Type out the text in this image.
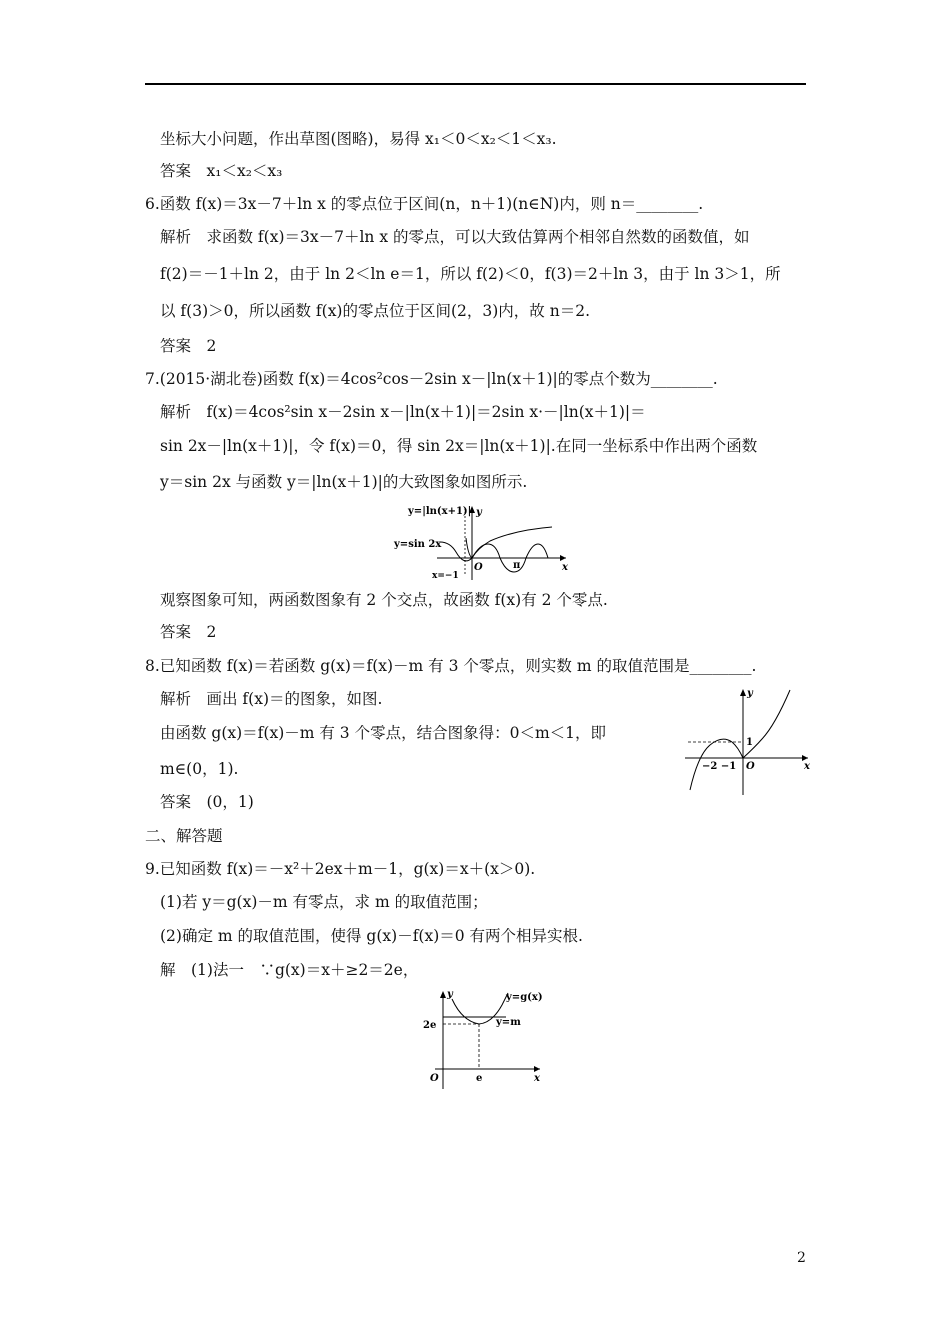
坐标大小问题，作出草图(图略)，易得 x₁＜0＜x₂＜1＜x₃.
答案　x₁＜x₂＜x₃
6.函数 f(x)＝3x－7＋ln x 的零点位于区间(n，n＋1)(n∈N)内，则 n＝________.
解析　求函数 f(x)＝3x－7＋ln x 的零点，可以大致估算两个相邻自然数的函数值，如
f(2)＝－1＋ln 2，由于 ln 2＜ln e＝1，所以 f(2)＜0，f(3)＝2＋ln 3，由于 ln 3＞1，所
以 f(3)＞0，所以函数 f(x)的零点位于区间(2，3)内，故 n＝2.
答案　2
7.(2015·湖北卷)函数 f(x)＝4cos²cos－2sin x－|ln(x＋1)|的零点个数为________.
解析　f(x)＝4cos²sin x－2sin x－|ln(x＋1)|＝2sin x·－|ln(x＋1)|＝
sin 2x－|ln(x＋1)|，令 f(x)＝0，得 sin 2x＝|ln(x＋1)|.在同一坐标系中作出两个函数
y＝sin 2x 与函数 y＝|ln(x＋1)|的大致图象如图所示.
y=|ln(x+1)| y
y=sin 2x
O	π	x
x=−1
观察图象可知，两函数图象有 2 个交点，故函数 f(x)有 2 个零点.
答案　2
8.已知函数 f(x)＝若函数 g(x)＝f(x)－m 有 3 个零点，则实数 m 的取值范围是________.
解析　画出 f(x)＝的图象，如图.
由函数 g(x)＝f(x)－m 有 3 个零点，结合图象得：0＜m＜1，即
m∈(0，1).
y
1
−2 −1 O	x
答案　(0，1)
二、解答题
9.已知函数 f(x)＝－x²＋2ex＋m－1，g(x)＝x＋(x＞0).
(1)若 y＝g(x)－m 有零点，求 m 的取值范围；
(2)确定 m 的取值范围，使得 g(x)－f(x)＝0 有两个相异实根.
解　(1)法一　∵g(x)＝x＋≥2＝2e，
y	y=g(x)
2e	y=m
O	e	x
2
